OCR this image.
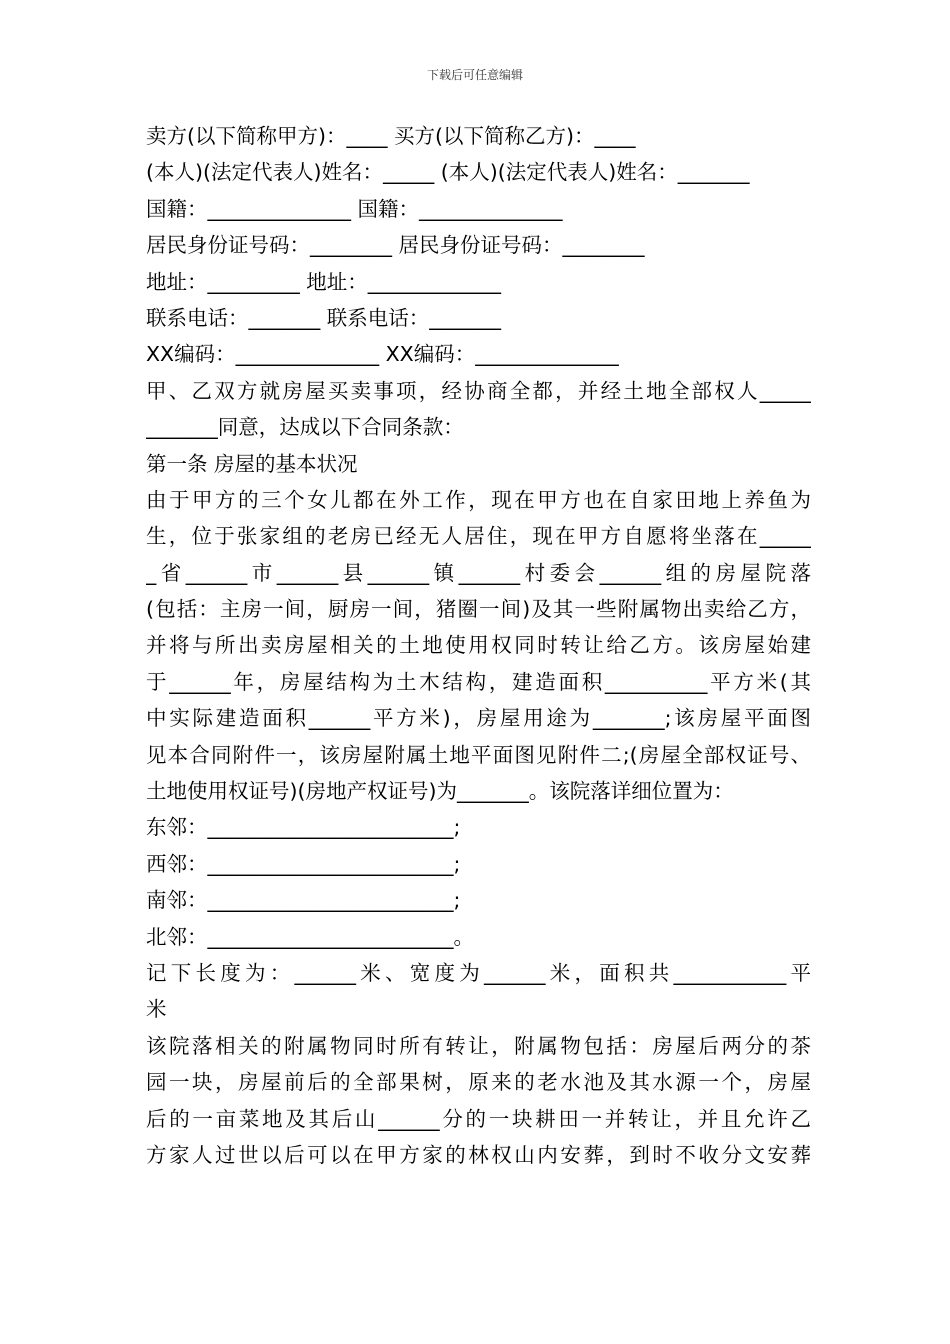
下载后可任意编辑
卖方(以下简称甲方)：____ 买方(以下简称乙方)：____
(本人)(法定代表人)姓名：_____ (本人)(法定代表人)姓名：_______
国籍：______________ 国籍：______________
居民身份证号码：________ 居民身份证号码：________
地址：_________ 地址：_____________
联系电话：_______ 联系电话：_______
XX编码：______________ XX编码：______________
甲、乙双方就房屋买卖事项，经协商全都，并经土地全部权人_____
_______同意，达成以下合同条款：
第一条 房屋的基本状况
由于甲方的三个女儿都在外工作，现在甲方也在自家田地上养鱼为
生，位于张家组的老房已经无人居住，现在甲方自愿将坐落在_____
_省______市______县______镇______村委会______组的房屋院落
(包括：主房一间，厨房一间，猪圈一间)及其一些附属物出卖给乙方，
并将与所出卖房屋相关的土地使用权同时转让给乙方。该房屋始建
于______年，房屋结构为土木结构，建造面积__________平方米(其
中实际建造面积______平方米)，房屋用途为_______;该房屋平面图
见本合同附件一，该房屋附属土地平面图见附件二;(房屋全部权证号、
土地使用权证号)(房地产权证号)为_______。该院落详细位置为：
东邻：________________________;
西邻：________________________;
南邻：________________________;
北邻：________________________。
记下长度为：______米、宽度为______米，面积共___________平
米
该院落相关的附属物同时所有转让，附属物包括：房屋后两分的茶
园一块，房屋前后的全部果树，原来的老水池及其水源一个，房屋
后的一亩菜地及其后山______分的一块耕田一并转让，并且允许乙
方家人过世以后可以在甲方家的林权山内安葬，到时不收分文安葬
